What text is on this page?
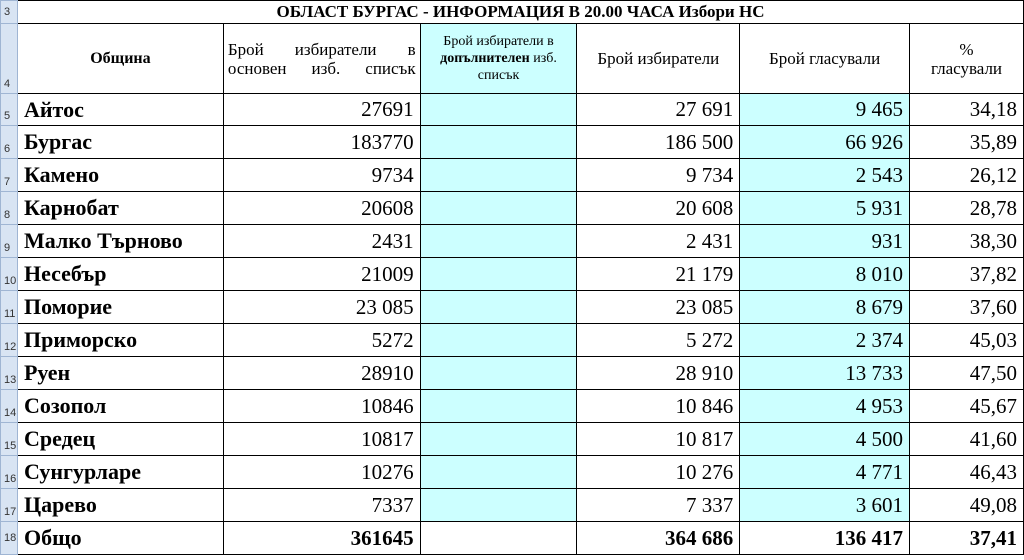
3	ОБЛАСТ БУРГАС - ИНФОРМАЦИЯ В 20.00 ЧАСА Избори НС					
4	Община	Брой избиратели в
основен изб. списък	Брой избиратели в
допълнителен изб.
списък	Брой избиратели	Брой гласували	%
гласували

5	Айтос	27691		27 691	9 465	34,18
6	Бургас	183770		186 500	66 926	35,89
7	Камено	9734		9 734	2 543	26,12
8	Карнобат	20608		20 608	5 931	28,78
9	Малко Търново	2431		2 431	931	38,30
10	Несебър	21009		21 179	8 010	37,82
11	Поморие	23 085		23 085	8 679	37,60
12	Приморско	5272		5 272	2 374	45,03
13	Руен	28910		28 910	13 733	47,50
14	Созопол	10846		10 846	4 953	45,67
15	Средец	10817		10 817	4 500	41,60
16	Сунгурларе	10276		10 276	4 771	46,43
17	Царево	7337		7 337	3 601	49,08
18	Общо	361645		364 686	136 417	37,41
